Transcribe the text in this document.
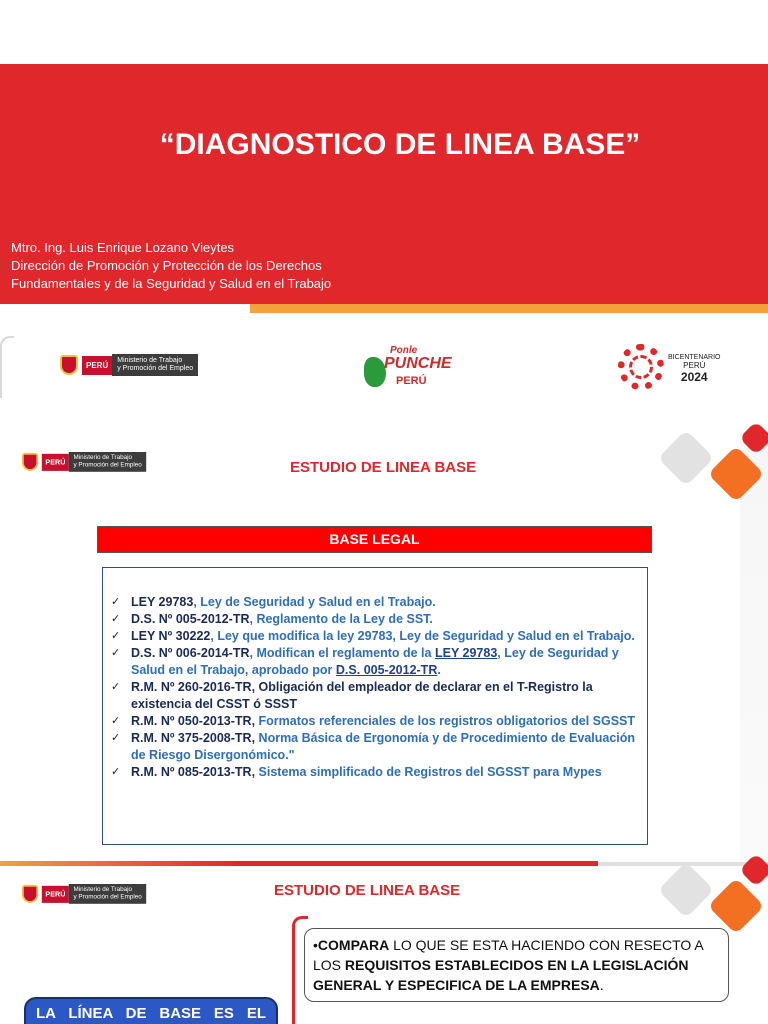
“DIAGNOSTICO DE LINEA BASE”
Mtro. Ing. Luis Enrique Lozano Vieytes
Dirección de Promoción y Protección de los Derechos
Fundamentales y de la Seguridad y Salud en el Trabajo
PERÚ	Ministerio de Trabajo
y Promoción del Empleo
Ponle
PUNCHE
PERÚ
BICENTENARIO
PERÚ
2024
PERÚ	Ministerio de Trabajo
y Promoción del Empleo	ESTUDIO DE LINEA BASE
BASE LEGAL
✓ LEY 29783, Ley de Seguridad y Salud en el Trabajo.
✓ D.S. Nº 005-2012-TR, Reglamento de la Ley de SST.
✓ LEY Nº 30222, Ley que modifica la ley 29783, Ley de Seguridad y Salud en el Trabajo.
✓ D.S. Nº 006-2014-TR, Modifican el reglamento de la LEY 29783, Ley de Seguridad y Salud en el Trabajo, aprobado por D.S. 005-2012-TR.
✓ R.M. Nº 260-2016-TR, Obligación del empleador de declarar en el T-Registro la existencia del CSST ó SSST
✓ R.M. Nº 050-2013-TR, Formatos referenciales de los registros obligatorios del SGSST
✓ R.M. Nº 375-2008-TR, Norma Básica de Ergonomía y de Procedimiento de Evaluación de Riesgo Disergonómico."
✓ R.M. Nº 085-2013-TR, Sistema simplificado de Registros del SGSST para Mypes
PERÚ	Ministerio de Trabajo
y Promoción del Empleo	ESTUDIO DE LINEA BASE
•COMPARA LO QUE SE ESTA HACIENDO CON RESECTO A LOS REQUISITOS ESTABLECIDOS EN LA LEGISLACIÓN GENERAL Y ESPECIFICA DE LA EMPRESA.
LA LÍNEA DE BASE ES EL
